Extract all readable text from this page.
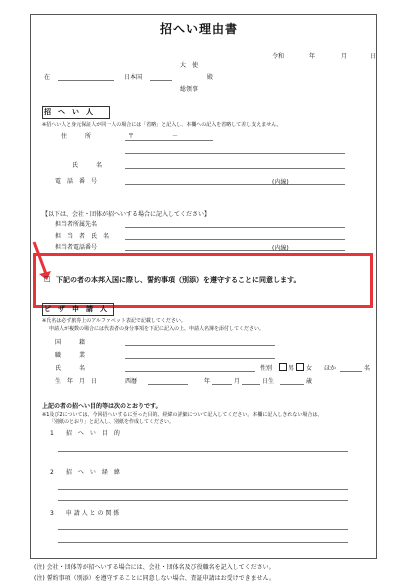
招へい理由書
令和	年	月	日
大　使
在	日本国	殿
総領事
招　へ　い　人
※招へい人と身元保証人が同一人の場合には「省略」と記入し、本欄への記入を省略して差し支えません。
住　　　所	〒	－
氏　　　名
電　話　番　号	(内線)
【以下は、会社・団体が招へいする場合に記入してください】
担当者所属先名
担　当　者　氏　名
担当者電話番号	(内線)
□ 下記の者の本邦入国に際し、誓約事項（別添）を遵守することに同意します。
ビ　ザ　申　請　人
※氏名は必ず旅券上のアルファベット表記で記載してください。
申請人が複数の場合には代表者の身分事項を下記に記入の上、申請人名簿を添付してください。
国　　　籍
職　　　業
氏　　　名	性別	男 女 ほか	名
生　年　月　日	西暦	年	月	日生	歳
上記の者の招へい目的等は次のとおりです。
※1及び2については、今回招へいするに至った目的、経緯の詳細について記入してください。本欄に記入しきれない場合は、
「別紙のとおり」と記入し、別紙を作成してください。
1　　招　へ　い　目　的
2　　招　へ　い　経　緯
3　　申 請 人 と の 関 係
(注) 会社・団体等が招へいする場合には、会社・団体名及び役職名を記入してください。
(注) 誓約事項（別添）を遵守することに同意しない場合、査証申請はお受けできません。
